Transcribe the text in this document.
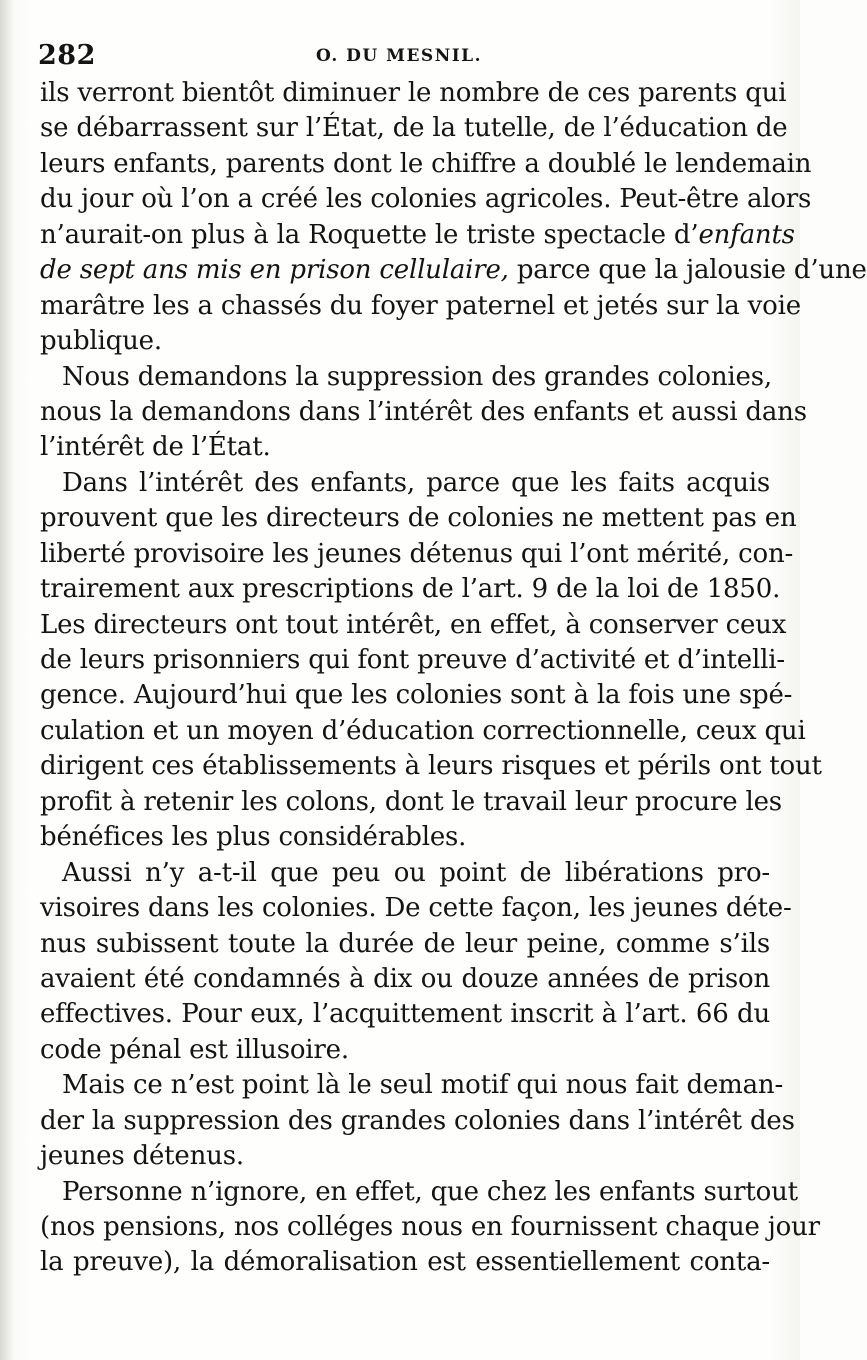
282	O. DU MESNIL.
ils verront bientôt diminuer le nombre de ces parents qui
se débarrassent sur l’État, de la tutelle, de l’éducation de
leurs enfants, parents dont le chiffre a doublé le lendemain
du jour où l’on a créé les colonies agricoles. Peut-être alors
n’aurait-on plus à la Roquette le triste spectacle d’enfants
de sept ans mis en prison cellulaire, parce que la jalousie d’une
marâtre les a chassés du foyer paternel et jetés sur la voie
publique.
Nous demandons la suppression des grandes colonies,
nous la demandons dans l’intérêt des enfants et aussi dans
l’intérêt de l’État.
Dans l’intérêt des enfants, parce que les faits acquis
prouvent que les directeurs de colonies ne mettent pas en
liberté provisoire les jeunes détenus qui l’ont mérité, con-
trairement aux prescriptions de l’art. 9 de la loi de 1850.
Les directeurs ont tout intérêt, en effet, à conserver ceux
de leurs prisonniers qui font preuve d’activité et d’intelli-
gence. Aujourd’hui que les colonies sont à la fois une spé-
culation et un moyen d’éducation correctionnelle, ceux qui
dirigent ces établissements à leurs risques et périls ont tout
profit à retenir les colons, dont le travail leur procure les
bénéfices les plus considérables.
Aussi n’y a-t-il que peu ou point de libérations pro-
visoires dans les colonies. De cette façon, les jeunes déte-
nus subissent toute la durée de leur peine, comme s’ils
avaient été condamnés à dix ou douze années de prison
effectives. Pour eux, l’acquittement inscrit à l’art. 66 du
code pénal est illusoire.
Mais ce n’est point là le seul motif qui nous fait deman-
der la suppression des grandes colonies dans l’intérêt des
jeunes détenus.
Personne n’ignore, en effet, que chez les enfants surtout
(nos pensions, nos colléges nous en fournissent chaque jour
la preuve), la démoralisation est essentiellement conta-
